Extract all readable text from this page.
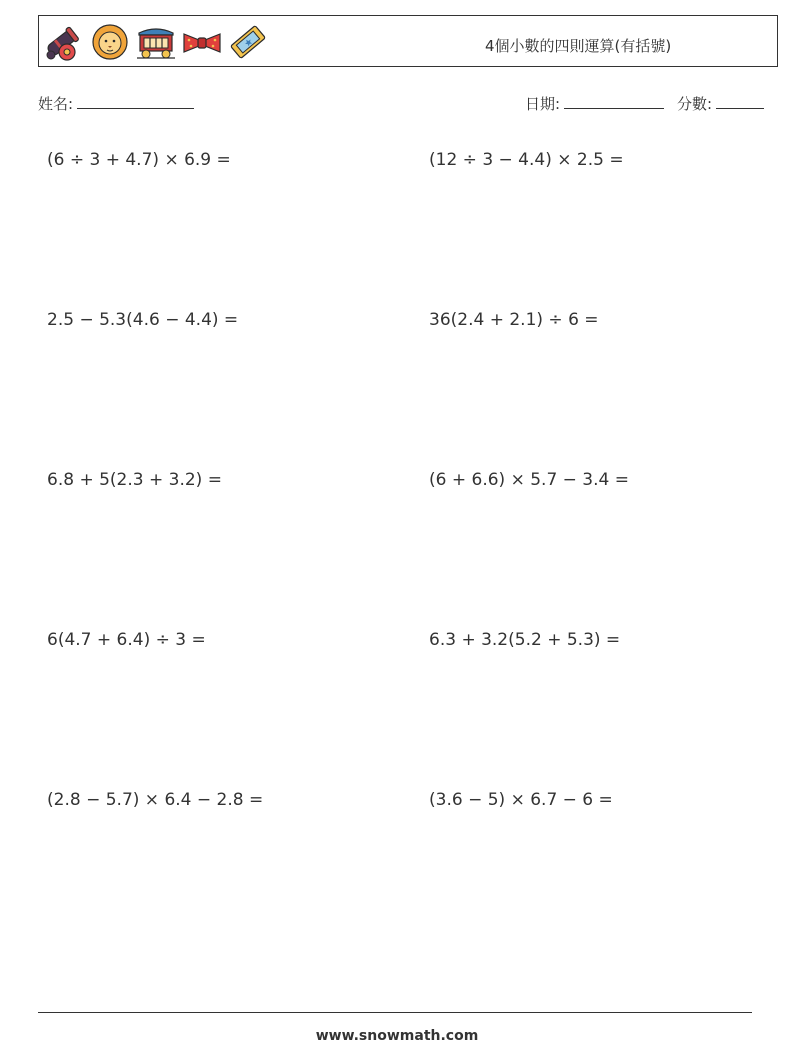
4個小數的四則運算(有括號)
姓名:	日期:	分數:
(6 ÷ 3 + 4.7) × 6.9 =	(12 ÷ 3 − 4.4) × 2.5 =
2.5 − 5.3(4.6 − 4.4) =	36(2.4 + 2.1) ÷ 6 =
6.8 + 5(2.3 + 3.2) =	(6 + 6.6) × 5.7 − 3.4 =
6(4.7 + 6.4) ÷ 3 =	6.3 + 3.2(5.2 + 5.3) =
(2.8 − 5.7) × 6.4 − 2.8 =	(3.6 − 5) × 6.7 − 6 =
www.snowmath.com
